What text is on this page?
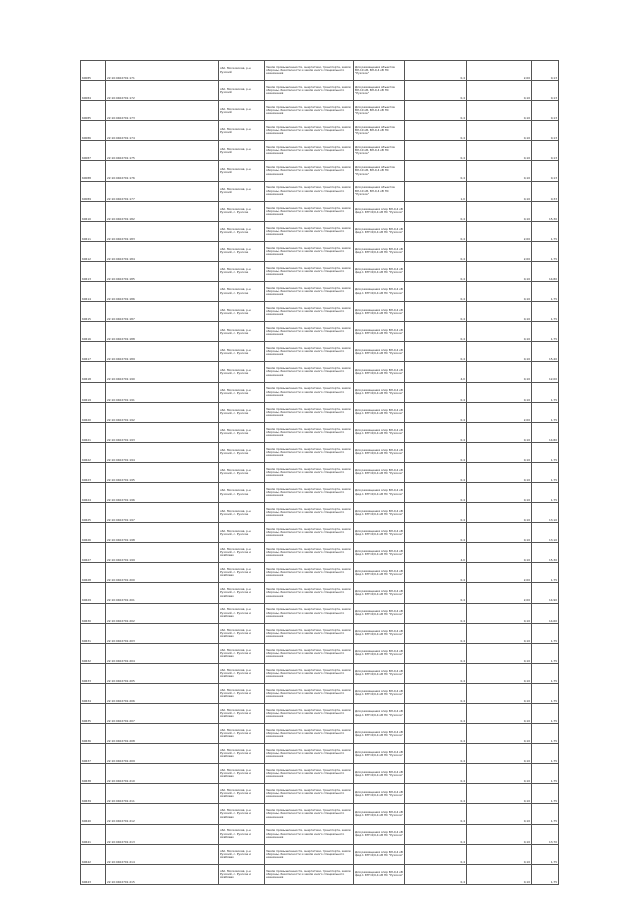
60085	22:10:0402701:171	обл. Московская, р-н Рузский	Земли промышленности, энергетики, транспорта, земли обороны, безопасности и земли иного специального назначения	Для размещения объектов ВЛ-10 кВ, ВЛ-0,4 кВ ПС "Рузское"	0,4	2,00	0,13
60084	22:10:0402701:172	обл. Московская, р-н Рузский	Земли промышленности, энергетики, транспорта, земли обороны, безопасности и земли иного специального назначения	Для размещения объектов ВЛ-10 кВ, ВЛ-0,4 кВ ПС "Рузское"	0,4	0,10	0,13
60085	22:10:0402701:173	обл. Московская, р-н Рузский	Земли промышленности, энергетики, транспорта, земли обороны, безопасности и земли иного специального назначения	Для размещения объектов ВЛ-10 кВ, ВЛ-0,4 кВ ПС "Рузское"	0,4	0,10	0,13
60086	22:10:0402701:174	обл. Московская, р-н Рузский	Земли промышленности, энергетики, транспорта, земли обороны, безопасности и земли иного специального назначения	Для размещения объектов ВЛ-10 кВ, ВЛ-0,4 кВ ПС "Рузское"	0,4	0,10	0,13
60087	22:10:0402701:175	обл. Московская, р-н Рузский	Земли промышленности, энергетики, транспорта, земли обороны, безопасности и земли иного специального назначения	Для размещения объектов ВЛ-10 кВ, ВЛ-0,4 кВ ПС "Рузское"	0,4	0,10	0,13
60088	22:10:0402701:176	обл. Московская, р-н Рузский	Земли промышленности, энергетики, транспорта, земли обороны, безопасности и земли иного специального назначения	Для размещения объектов ВЛ-10 кВ, ВЛ-0,4 кВ ПС "Рузское"	0,4	0,10	0,13
60089	22:10:0402701:177	обл. Московская, р-н Рузский	Земли промышленности, энергетики, транспорта, земли обороны, безопасности и земли иного специального назначения	Для размещения объектов ВЛ-10 кВ, ВЛ-0,4 кВ ПС "Рузское"	1,0	0,10	0,33
60610	22:10:0402701:182	обл. Московская, р-н Рузский, с. Рузское	Земли промышленности, энергетики, транспорта, земли обороны, безопасности и земли иного специального назначения	Для размещения опор ВЛ-0,4 кВ фид.1 КТП 6/0,4 кВ ПС "Рузское"	0,4	0,10	15,30
60611	22:10:0402701:183	обл. Московская, р-н Рузский, с. Рузское	Земли промышленности, энергетики, транспорта, земли обороны, безопасности и земли иного специального назначения	Для размещения опор ВЛ-0,4 кВ фид.1 КТП 6/0,4 кВ ПС "Рузское"	0,4	2,00	1,75
60612	22:10:0402701:184	обл. Московская, р-н Рузский, с. Рузское	Земли промышленности, энергетики, транспорта, земли обороны, безопасности и земли иного специального назначения	Для размещения опор ВЛ-0,4 кВ фид.1 КТП 6/0,4 кВ ПС "Рузское"	0,4	2,00	1,75
60613	22:10:0402701:185	обл. Московская, р-н Рузский, с. Рузское	Земли промышленности, энергетики, транспорта, земли обороны, безопасности и земли иного специального назначения	Для размещения опор ВЛ-0,4 кВ фид.1 КТП 6/0,4 кВ ПС "Рузское"	0,4	0,10	14,80
60614	22:10:0402701:186	обл. Московская, р-н Рузский, с. Рузское	Земли промышленности, энергетики, транспорта, земли обороны, безопасности и земли иного специального назначения	Для размещения опор ВЛ-0,4 кВ фид.1 КТП 6/0,4 кВ ПС "Рузское"	0,4	0,10	1,75
60615	22:10:0402701:187	обл. Московская, р-н Рузский, с. Рузское	Земли промышленности, энергетики, транспорта, земли обороны, безопасности и земли иного специального назначения	Для размещения опор ВЛ-0,4 кВ фид.1 КТП 6/0,4 кВ ПС "Рузское"	0,4	0,10	1,75
60616	22:10:0402701:188	обл. Московская, р-н Рузский, с. Рузское	Земли промышленности, энергетики, транспорта, земли обороны, безопасности и земли иного специального назначения	Для размещения опор ВЛ-0,4 кВ фид.1 КТП 6/0,4 кВ ПС "Рузское"	0,4	0,10	1,75
60617	22:10:0402701:189	обл. Московская, р-н Рузский, с. Рузское	Земли промышленности, энергетики, транспорта, земли обороны, безопасности и земли иного специального назначения	Для размещения опор ВЛ-0,4 кВ фид.1 КТП 6/0,4 кВ ПС "Рузское"	0,4	0,10	15,40
60618	22:10:0402701:190	обл. Московская, р-н Рузский, с. Рузское	Земли промышленности, энергетики, транспорта, земли обороны, безопасности и земли иного специального назначения	Для размещения опор ВЛ-0,4 кВ фид.1 КТП 6/0,4 кВ ПС "Рузское"	4,0	0,10	12,00
60619	22:10:0402701:191	обл. Московская, р-н Рузский, с. Рузское	Земли промышленности, энергетики, транспорта, земли обороны, безопасности и земли иного специального назначения	Для размещения опор ВЛ-0,4 кВ фид.1 КТП 6/0,4 кВ ПС "Рузское"	0,4	0,10	1,75
60620	22:10:0402701:192	обл. Московская, р-н Рузский, с. Рузское	Земли промышленности, энергетики, транспорта, земли обороны, безопасности и земли иного специального назначения	Для размещения опор ВЛ-0,4 кВ фид.1 КТП 6/0,4 кВ ПС "Рузское"	0,4	2,00	1,75
60621	22:10:0402701:193	обл. Московская, р-н Рузский, с. Рузское	Земли промышленности, энергетики, транспорта, земли обороны, безопасности и земли иного специального назначения	Для размещения опор ВЛ-0,4 кВ фид.1 КТП 6/0,4 кВ ПС "Рузское"	0,4	0,10	14,80
60622	22:10:0402701:194	обл. Московская, р-н Рузский, с. Рузское	Земли промышленности, энергетики, транспорта, земли обороны, безопасности и земли иного специального назначения	Для размещения опор ВЛ-0,4 кВ фид.1 КТП 6/0,4 кВ ПС "Рузское"	0,4	0,10	1,75
60623	22:10:0402701:195	обл. Московская, р-н Рузский, с. Рузское	Земли промышленности, энергетики, транспорта, земли обороны, безопасности и земли иного специального назначения	Для размещения опор ВЛ-0,4 кВ фид.1 КТП 6/0,4 кВ ПС "Рузское"	0,4	0,10	1,75
60624	22:10:0402701:196	обл. Московская, р-н Рузский, с. Рузское	Земли промышленности, энергетики, транспорта, земли обороны, безопасности и земли иного специального назначения	Для размещения опор ВЛ-0,4 кВ фид.1 КТП 6/0,4 кВ ПС "Рузское"	0,4	0,10	1,75
60625	22:10:0402701:197	обл. Московская, р-н Рузский, с. Рузское	Земли промышленности, энергетики, транспорта, земли обороны, безопасности и земли иного специального назначения	Для размещения опор ВЛ-0,4 кВ фид.1 КТП 6/0,4 кВ ПС "Рузское"	0,4	0,10	13,10
60626	22:10:0402701:198	обл. Московская, р-н Рузский, с. Рузское	Земли промышленности, энергетики, транспорта, земли обороны, безопасности и земли иного специального назначения	Для размещения опор ВЛ-0,4 кВ фид.1 КТП 6/0,4 кВ ПС "Рузское"	0,4	0,10	13,10
60627	22:10:0402701:199	обл. Московская, р-н Рузский, с. Рузское и Ахаблево	Земли промышленности, энергетики, транспорта, земли обороны, безопасности и земли иного специального назначения	Для размещения опор ВЛ-0,4 кВ фид.1 КТП 6/0,4 кВ ПС "Рузское"	4,0	0,10	15,30
60628	22:10:0402701:200	обл. Московская, р-н Рузский, с. Рузское и Ахаблево	Земли промышленности, энергетики, транспорта, земли обороны, безопасности и земли иного специального назначения	Для размещения опор ВЛ-0,4 кВ фид.1 КТП 6/0,4 кВ ПС "Рузское"	0,4	2,00	1,75
60629	22:10:0402701:201	обл. Московская, р-н Рузский, с. Рузское и Ахаблево	Земли промышленности, энергетики, транспорта, земли обороны, безопасности и земли иного специального назначения	Для размещения опор ВЛ-0,4 кВ фид.1 КТП 6/0,4 кВ ПС "Рузское"	0,4	2,00	14,90
60630	22:10:0402701:202	обл. Московская, р-н Рузский, с. Рузское и Ахаблево	Земли промышленности, энергетики, транспорта, земли обороны, безопасности и земли иного специального назначения	Для размещения опор ВЛ-0,4 кВ фид.1 КТП 6/0,4 кВ ПС "Рузское"	0,4	0,10	14,60
60631	22:10:0402701:203	обл. Московская, р-н Рузский, с. Рузское и Ахаблево	Земли промышленности, энергетики, транспорта, земли обороны, безопасности и земли иного специального назначения	Для размещения опор ВЛ-0,4 кВ фид.1 КТП 6/0,4 кВ ПС "Рузское"	0,4	0,10	1,75
60632	22:10:0402701:204	обл. Московская, р-н Рузский, с. Рузское и Ахаблево	Земли промышленности, энергетики, транспорта, земли обороны, безопасности и земли иного специального назначения	Для размещения опор ВЛ-0,4 кВ фид.1 КТП 6/0,4 кВ ПС "Рузское"	0,4	0,10	1,75
60633	22:10:0402701:205	обл. Московская, р-н Рузский, с. Рузское и Ахаблево	Земли промышленности, энергетики, транспорта, земли обороны, безопасности и земли иного специального назначения	Для размещения опор ВЛ-0,4 кВ фид.1 КТП 6/0,4 кВ ПС "Рузское"	0,4	0,10	1,75
60634	22:10:0402701:206	обл. Московская, р-н Рузский, с. Рузское и Ахаблево	Земли промышленности, энергетики, транспорта, земли обороны, безопасности и земли иного специального назначения	Для размещения опор ВЛ-0,4 кВ фид.1 КТП 6/0,4 кВ ПС "Рузское"	0,4	0,10	1,75
60635	22:10:0402701:207	обл. Московская, р-н Рузский, с. Рузское и Ахаблево	Земли промышленности, энергетики, транспорта, земли обороны, безопасности и земли иного специального назначения	Для размещения опор ВЛ-0,4 кВ фид.1 КТП 6/0,4 кВ ПС "Рузское"	0,4	0,10	1,75
60636	22:10:0402701:208	обл. Московская, р-н Рузский, с. Рузское и Ахаблево	Земли промышленности, энергетики, транспорта, земли обороны, безопасности и земли иного специального назначения	Для размещения опор ВЛ-0,4 кВ фид.1 КТП 6/0,4 кВ ПС "Рузское"	0,4	0,10	1,75
60637	22:10:0402701:209	обл. Московская, р-н Рузский, с. Рузское и Ахаблево	Земли промышленности, энергетики, транспорта, земли обороны, безопасности и земли иного специального назначения	Для размещения опор ВЛ-0,4 кВ фид.1 КТП 6/0,4 кВ ПС "Рузское"	0,4	0,10	1,75
60638	22:10:0402701:210	обл. Московская, р-н Рузский, с. Рузское и Ахаблево	Земли промышленности, энергетики, транспорта, земли обороны, безопасности и земли иного специального назначения	Для размещения опор ВЛ-0,4 кВ фид.1 КТП 6/0,4 кВ ПС "Рузское"	0,4	0,10	1,75
60639	22:10:0402701:211	обл. Московская, р-н Рузский, с. Рузское и Ахаблево	Земли промышленности, энергетики, транспорта, земли обороны, безопасности и земли иного специального назначения	Для размещения опор ВЛ-0,4 кВ фид.1 КТП 6/0,4 кВ ПС "Рузское"	0,4	0,10	1,75
60640	22:10:0402701:212	обл. Московская, р-н Рузский, с. Рузское и Ахаблево	Земли промышленности, энергетики, транспорта, земли обороны, безопасности и земли иного специального назначения	Для размещения опор ВЛ-0,4 кВ фид.1 КТП 6/0,4 кВ ПС "Рузское"	0,4	0,10	1,75
60641	22:10:0402701:213	обл. Московская, р-н Рузский, с. Рузское и Ахаблево	Земли промышленности, энергетики, транспорта, земли обороны, безопасности и земли иного специального назначения	Для размещения опор ВЛ-0,4 кВ фид.1 КТП 6/0,4 кВ ПС "Рузское"	0,4	0,10	13,70
60642	22:10:0402701:214	обл. Московская, р-н Рузский, с. Рузское и Ахаблево	Земли промышленности, энергетики, транспорта, земли обороны, безопасности и земли иного специального назначения	Для размещения опор ВЛ-0,4 кВ фид.1 КТП 6/0,4 кВ ПС "Рузское"	0,4	0,10	1,75
60643	22:10:0402701:215	обл. Московская, р-н Рузский, с. Рузское и Ахаблево	Земли промышленности, энергетики, транспорта, земли обороны, безопасности и земли иного специального назначения	Для размещения опор ВЛ-0,4 кВ фид.1 КТП 6/0,4 кВ ПС "Рузское"	0,4	0,10	1,75
